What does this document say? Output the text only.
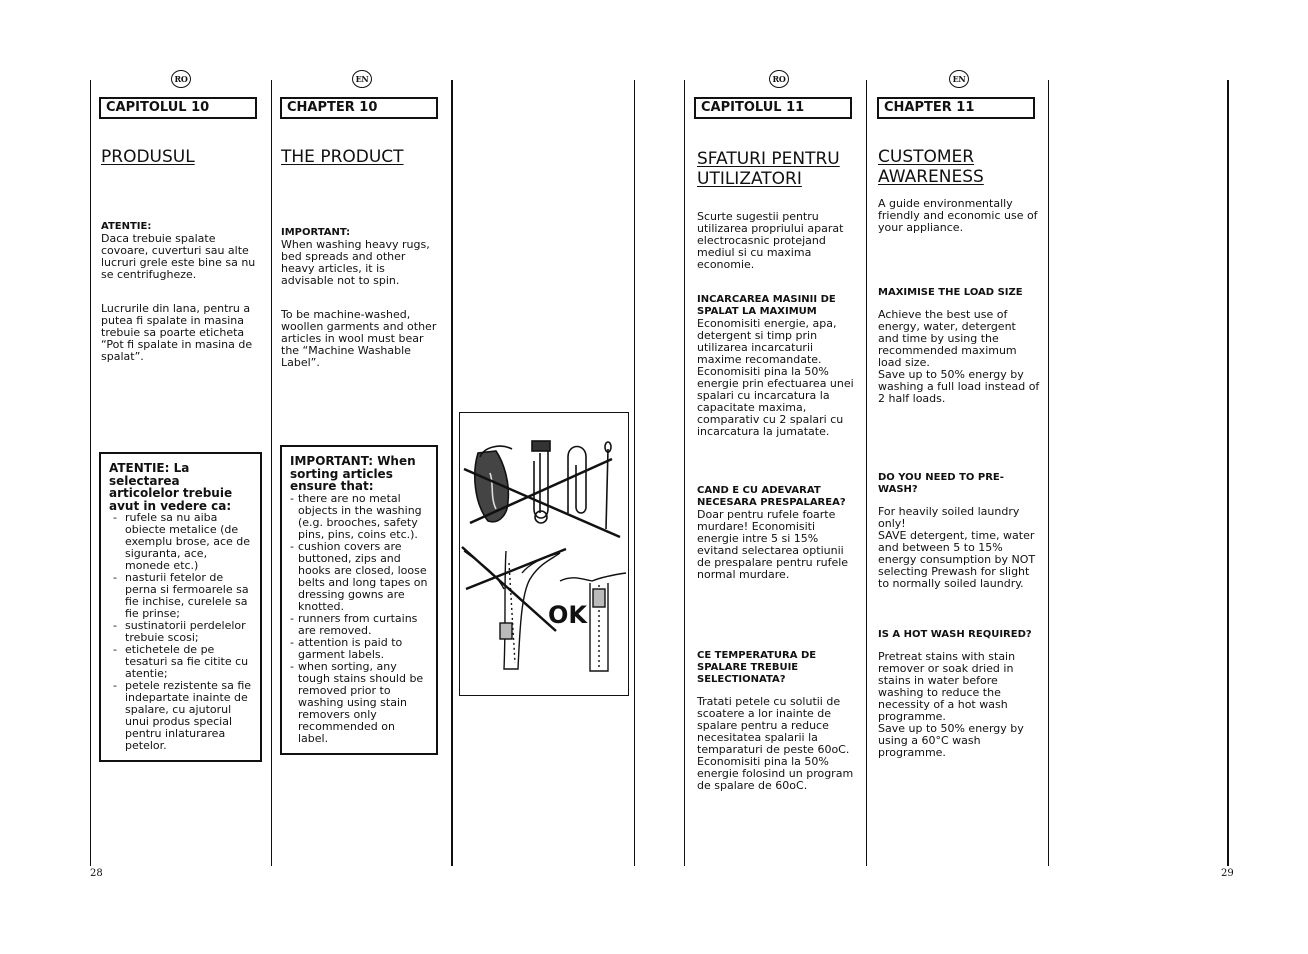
RO
CAPITOLUL 10
PRODUSUL
ATENTIE:
Daca trebuie spalate covoare, cuverturi sau alte lucruri grele este bine sa nu se centrifugheze.
Lucrurile din lana, pentru a putea fi spalate in masina trebuie sa poarte eticheta “Pot fi spalate in masina de spalat”.
ATENTIE: La selectarea articolelor trebuie avut in vedere ca:
- rufele sa nu aiba obiecte metalice (de exemplu brose, ace de siguranta, ace, monede etc.)
- nasturii fetelor de perna si fermoarele sa fie inchise, curelele sa fie prinse;
- sustinatorii perdelelor trebuie scosi;
- etichetele de pe tesaturi sa fie citite cu atentie;
- petele rezistente sa fie indepartate inainte de spalare, cu ajutorul unui produs special pentru inlaturarea petelor.
EN
CHAPTER 10
THE PRODUCT
IMPORTANT:
When washing heavy rugs, bed spreads and other heavy articles, it is advisable not to spin.
To be machine-washed, woollen garments and other articles in wool must bear the “Machine Washable Label”.
IMPORTANT: When sorting articles ensure that:
- there are no metal objects in the washing (e.g. brooches, safety pins, pins, coins etc.).
- cushion covers are buttoned, zips and hooks are closed, loose belts and long tapes on dressing gowns are knotted.
- runners from curtains are removed.
- attention is paid to garment labels.
- when sorting, any tough stains should be removed prior to washing using stain removers only recommended on label.
OK
28
RO
CAPITOLUL 11
SFATURI PENTRU UTILIZATORI
Scurte sugestii pentru utilizarea propriului aparat electrocasnic protejand mediul si cu maxima economie.
INCARCAREA MASINII DE SPALAT LA MAXIMUM
Economisiti energie, apa, detergent si timp prin utilizarea incarcaturii maxime recomandate.
Economisiti pina la 50% energie prin efectuarea unei spalari cu incarcatura la capacitate maxima, comparativ cu 2 spalari cu incarcatura la jumatate.
CAND E CU ADEVARAT NECESARA PRESPALAREA?
Doar pentru rufele foarte murdare! Economisiti energie intre 5 si 15% evitand selectarea optiunii de prespalare pentru rufele normal murdare.
CE TEMPERATURA DE SPALARE TREBUIE SELECTIONATA?
Tratati petele cu solutii de scoatere a lor inainte de spalare pentru a reduce necesitatea spalarii la temparaturi de peste 60oC.
Economisiti pina la 50% energie folosind un program de spalare de 60oC.
EN
CHAPTER 11
CUSTOMER AWARENESS
A guide environmentally friendly and economic use of your appliance.
MAXIMISE THE LOAD SIZE
Achieve the best use of energy, water, detergent and time by using the recommended maximum load size.
Save up to 50% energy by washing a full load instead of 2 half loads.
DO YOU NEED TO PRE-WASH?
For heavily soiled laundry only!
SAVE detergent, time, water and between 5 to 15% energy consumption by NOT selecting Prewash for slight to normally soiled laundry.
IS A HOT WASH REQUIRED?
Pretreat stains with stain remover or soak dried in stains in water before washing to reduce the necessity of a hot wash programme.
Save up to 50% energy by using a 60°C wash programme.
29
